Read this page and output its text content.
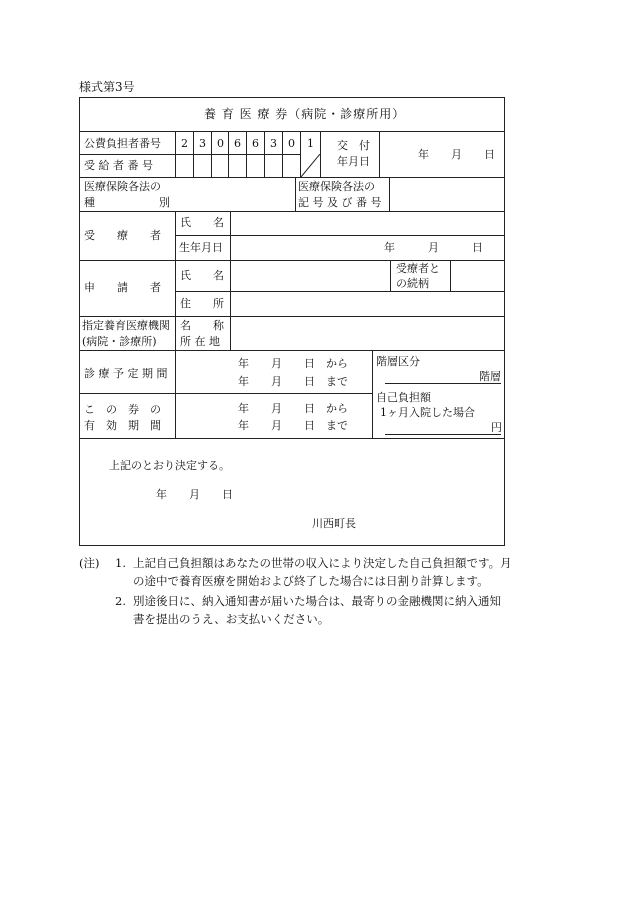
様式第3号
養 育 医 療 券（病院・診療所用）
公費負担者番号 2 3 0 6 6 3 0 1
受 給 者 番 号
交　付
年月日
年　　月　　日
医療保険各法の
種	別
医療保険各法の
記 号 及 び 番 号
受　　療　　者
氏 名
生年月日	年　　　月　　　日
申　　請　　者
氏 名
受療者と
の続柄
住 所
指定養育医療機関
(病院・診療所)
名 称
所 在 地
診 療 予 定 期 間
年　　月　　日　から
年　　月　　日　まで
こ　の　券　の
有　効　期　間
年　　月　　日　から
年　　月　　日　まで
階層区分
階層
自己負担額
1ヶ月入院した場合
円
上記のとおり決定する。
年　　月　　日
川西町長
(注) 1. 上記自己負担額はあなたの世帯の収入により決定した自己負担額です。月
の途中で養育医療を開始および終了した場合には日割り計算します。
2. 別途後日に、納入通知書が届いた場合は、最寄りの金融機関に納入通知
書を提出のうえ、お支払いください。
